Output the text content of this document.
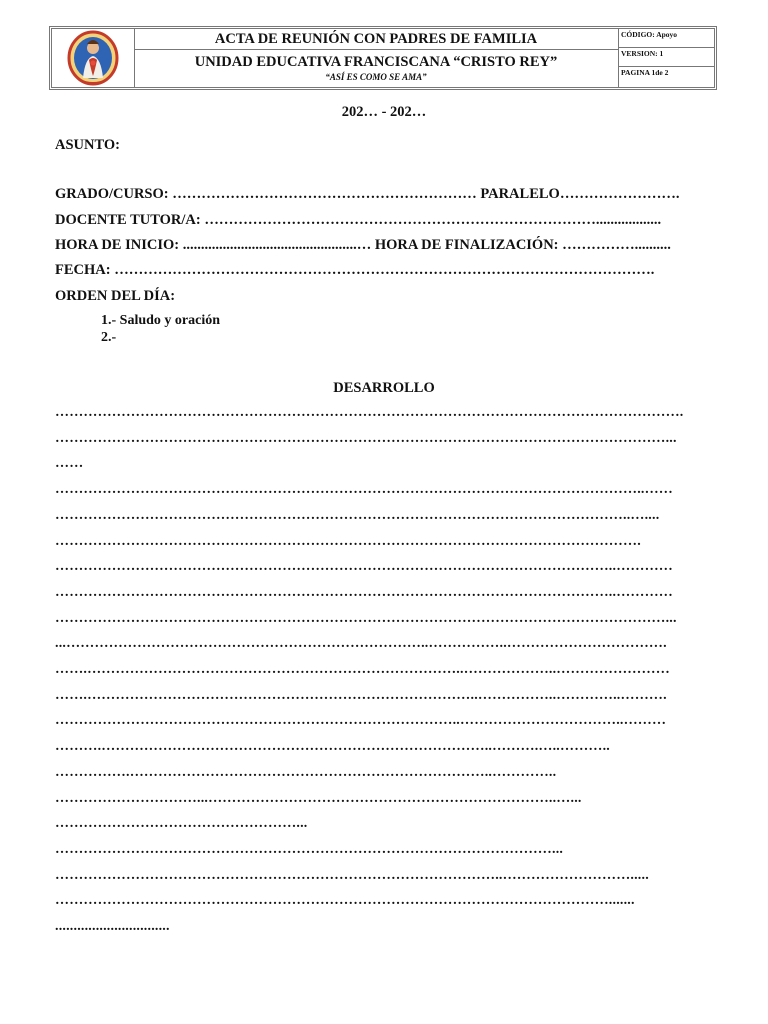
ACTA DE REUNIÓN CON PADRES DE FAMILIA
UNIDAD EDUCATIVA FRANCISCANA “CRISTO REY”
“ASÍ ES COMO SE AMA”
CÓDIGO: Apoyo
VERSION: 1
PAGINA 1de 2
202… - 202…
ASUNTO:
GRADO/CURSO: ……………………………………………………… PARALELO…………………….
DOCENTE TUTOR/A: ………………………………………………………………………..................
HORA DE INICIO: ................................................… HORA DE FINALIZACIÓN: ……………..........
FECHA: ………………………………………………………………………………………………….
ORDEN DEL DÍA:
1.- Saludo y oración
2.-
DESARROLLO
…………………………………………………………………………………………………………………….
…………………………………………………………………………………………………………………...
……
……………………………………………………………………………………………………………..……
…………………………………………………………………………………………………………..…....
…………………………………………………………………………………………………………….
………………………………………………………………………………………………………..…………
………………………………………………………………………………………………………..…………
…………………………………………………………………………………………………………………...
...…………………………………………………………………..……………..…………………………….
…….……………………………………………………………………..………………..……………………
…….………………………………………………………………………..……………..…………..……….
…………………………………………………………………………..……………………………..………
……….………………………………………………………………………..……….…..………..
…………….…………………………………………………………………..…………..
…………………………...………………………………………………………………..…...
……………………………………………...
……………………………………………………………………………………………...
…………………………………………………………………………………..……………………….....
……………………………………………………………………………………………………….......
...............................
